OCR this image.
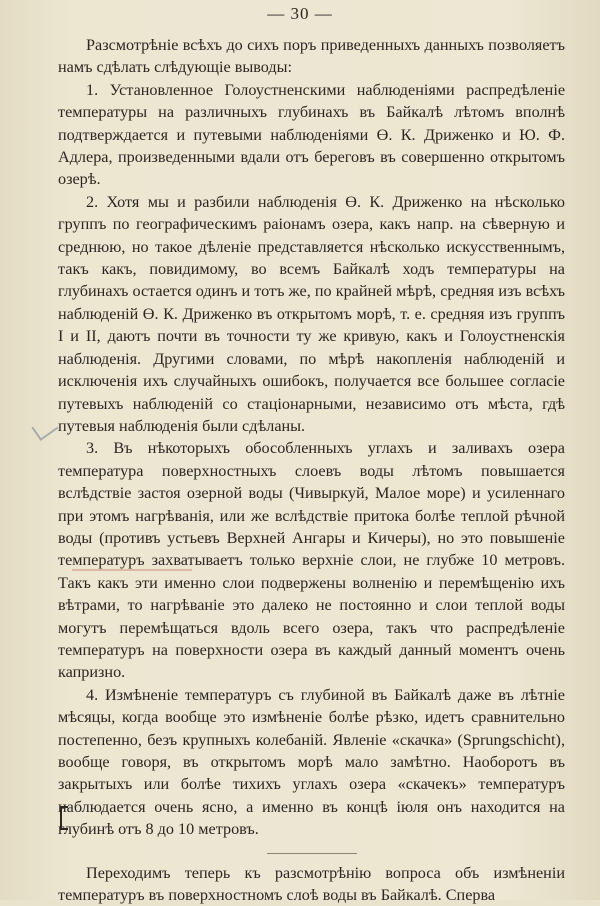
— 30 —

Разсмотрѣніе всѣхъ до сихъ поръ приведенныхъ данныхъ позволяетъ намъ сдѣлать слѣдующіе выводы:

1. Установленное Голоустненскими наблюденіями распредѣленіе температуры на различныхъ глубинахъ въ Байкалѣ лѣтомъ вполнѣ подтверждается и путевыми наблюденіями Ө. К. Дриженко и Ю. Ф. Адлера, произведенными вдали отъ береговъ въ совершенно открытомъ озерѣ.

2. Хотя мы и разбили наблюденія Ө. К. Дриженко на нѣсколько группъ по географическимъ раіонамъ озера, какъ напр. на сѣверную и среднюю, но такое дѣленіе представляется нѣсколько искусственнымъ, такъ какъ, повидимому, во всемъ Байкалѣ ходъ температуры на глубинахъ остается одинъ и тотъ же, по крайней мѣрѣ, средняя изъ всѣхъ наблюденій Ө. К. Дриженко въ открытомъ морѣ, т. е. средняя изъ группъ I и II, даютъ почти въ точности ту же кривую, какъ и Голоустненскія наблюденія. Другими словами, по мѣрѣ накопленія наблюденій и исключенія ихъ случайныхъ ошибокъ, получается все большее согласіе путевыхъ наблюденій со стаціонарными, независимо отъ мѣста, гдѣ путевыя наблюденія были сдѣланы.

3. Въ нѣкоторыхъ обособленныхъ углахъ и заливахъ озера температура поверхностныхъ слоевъ воды лѣтомъ повышается вслѣдствіе застоя озерной воды (Чивыркуй, Малое море) и усиленнаго при этомъ нагрѣванія, или же вслѣдствіе притока болѣе теплой рѣчной воды (противъ устьевъ Верхней Ангары и Кичеры), но это повышеніе температуръ захватываетъ только верхніе слои, не глубже 10 метровъ. Такъ какъ эти именно слои подвержены волненію и перемѣщенію ихъ вѣтрами, то нагрѣваніе это далеко не постоянно и слои теплой воды могутъ перемѣщаться вдоль всего озера, такъ что распредѣленіе температуръ на поверхности озера въ каждый данный моментъ очень капризно.

4. Измѣненіе температуръ съ глубиной въ Байкалѣ даже въ лѣтніе мѣсяцы, когда вообще это измѣненіе болѣе рѣзко, идетъ сравнительно постепенно, безъ крупныхъ колебаній. Явленіе «скачка» (Sprungschicht), вообще говоря, въ открытомъ морѣ мало замѣтно. Наоборотъ въ закрытыхъ или болѣе тихихъ углахъ озера «скачекъ» температуръ наблюдается очень ясно, а именно въ концѣ іюля онъ находится на глубинѣ отъ 8 до 10 метровъ.

Переходимъ теперь къ разсмотрѣнію вопроса объ измѣненіи температуръ въ поверхностномъ слоѣ воды въ Байкалѣ. Сперва
